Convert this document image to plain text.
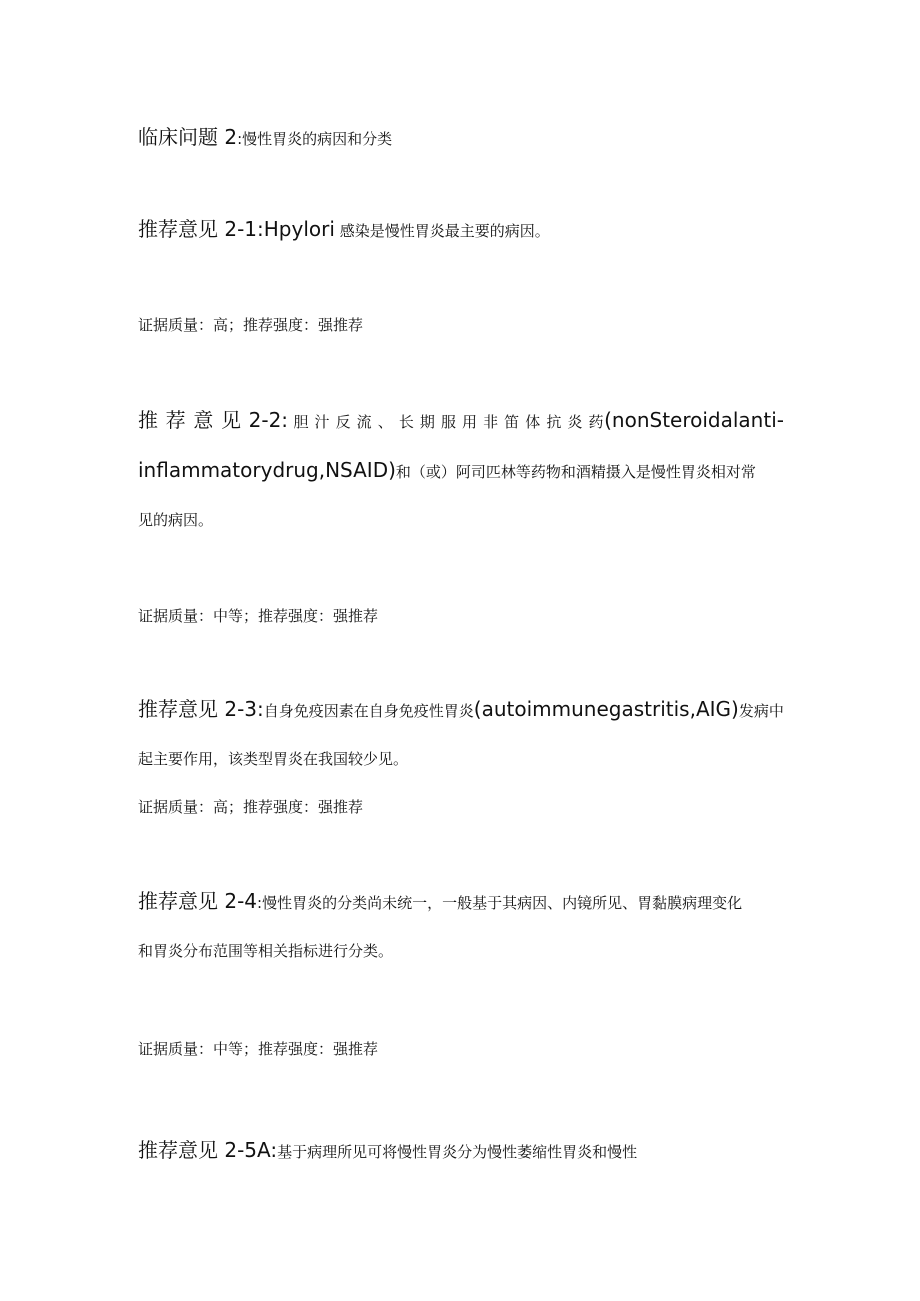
临床问题 2:慢性胃炎的病因和分类
推荐意见 2-1:Hpylori 感染是慢性胃炎最主要的病因。
证据质量：高；推荐强度：强推荐
推 荐 意 见 2-2: 胆 汁 反 流 、 长 期 服 用 非 笛 体 抗 炎 药(nonSteroidalanti-
inflammatorydrug,NSAID)和（或）阿司匹林等药物和酒精摄入是慢性胃炎相对常
见的病因。
证据质量：中等；推荐强度：强推荐
推荐意见 2-3:自身免疫因素在自身免疫性胃炎(autoimmunegastritis,AIG)发病中
起主要作用，该类型胃炎在我国较少见。
证据质量：高；推荐强度：强推荐
推荐意见 2-4:慢性胃炎的分类尚未统一，一般基于其病因、内镜所见、胃黏膜病理变化
和胃炎分布范围等相关指标进行分类。
证据质量：中等；推荐强度：强推荐
推荐意见 2-5A:基于病理所见可将慢性胃炎分为慢性萎缩性胃炎和慢性
